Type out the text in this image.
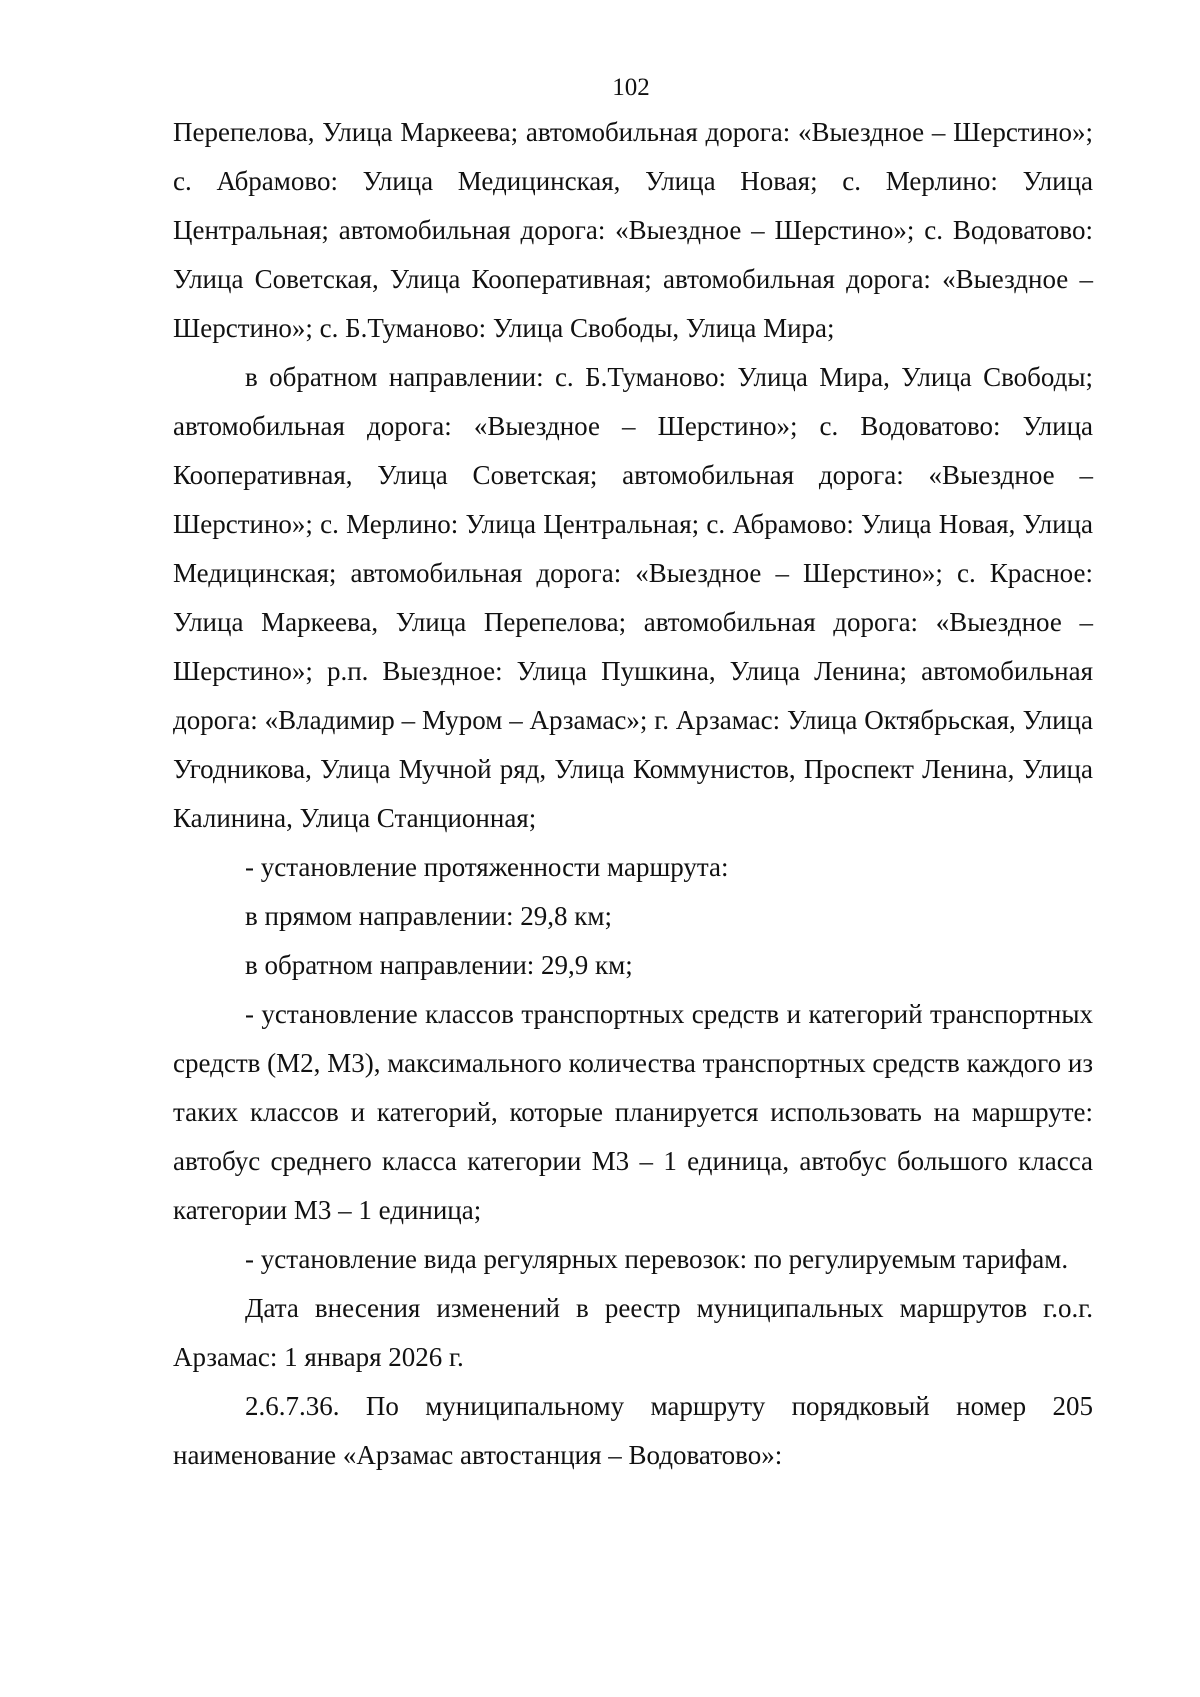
102

Перепелова, Улица Маркеева; автомобильная дорога: «Выездное – Шерстино»; с. Абрамово: Улица Медицинская, Улица Новая; с. Мерлино: Улица Центральная; автомобильная дорога: «Выездное – Шерстино»; с. Водоватово: Улица Советская, Улица Кооперативная; автомобильная дорога: «Выездное – Шерстино»; с. Б.Туманово: Улица Свободы, Улица Мира;

в обратном направлении: с. Б.Туманово: Улица Мира, Улица Свободы; автомобильная дорога: «Выездное – Шерстино»; с. Водоватово: Улица Кооперативная, Улица Советская; автомобильная дорога: «Выездное – Шерстино»; с. Мерлино: Улица Центральная; с. Абрамово: Улица Новая, Улица Медицинская; автомобильная дорога: «Выездное – Шерстино»; с. Красное: Улица Маркеева, Улица Перепелова; автомобильная дорога: «Выездное – Шерстино»; р.п. Выездное: Улица Пушкина, Улица Ленина; автомобильная дорога: «Владимир – Муром – Арзамас»; г. Арзамас: Улица Октябрьская, Улица Угодникова, Улица Мучной ряд, Улица Коммунистов, Проспект Ленина, Улица Калинина, Улица Станционная;

- установление протяженности маршрута:

в прямом направлении: 29,8 км;

в обратном направлении: 29,9 км;

- установление классов транспортных средств и категорий транспортных средств (М2, М3), максимального количества транспортных средств каждого из таких классов и категорий, которые планируется использовать на маршруте: автобус среднего класса категории М3 – 1 единица, автобус большого класса категории М3 – 1 единица;

- установление вида регулярных перевозок: по регулируемым тарифам.

Дата внесения изменений в реестр муниципальных маршрутов г.о.г. Арзамас: 1 января 2026 г.

2.6.7.36. По муниципальному маршруту порядковый номер 205 наименование «Арзамас автостанция – Водоватово»:
